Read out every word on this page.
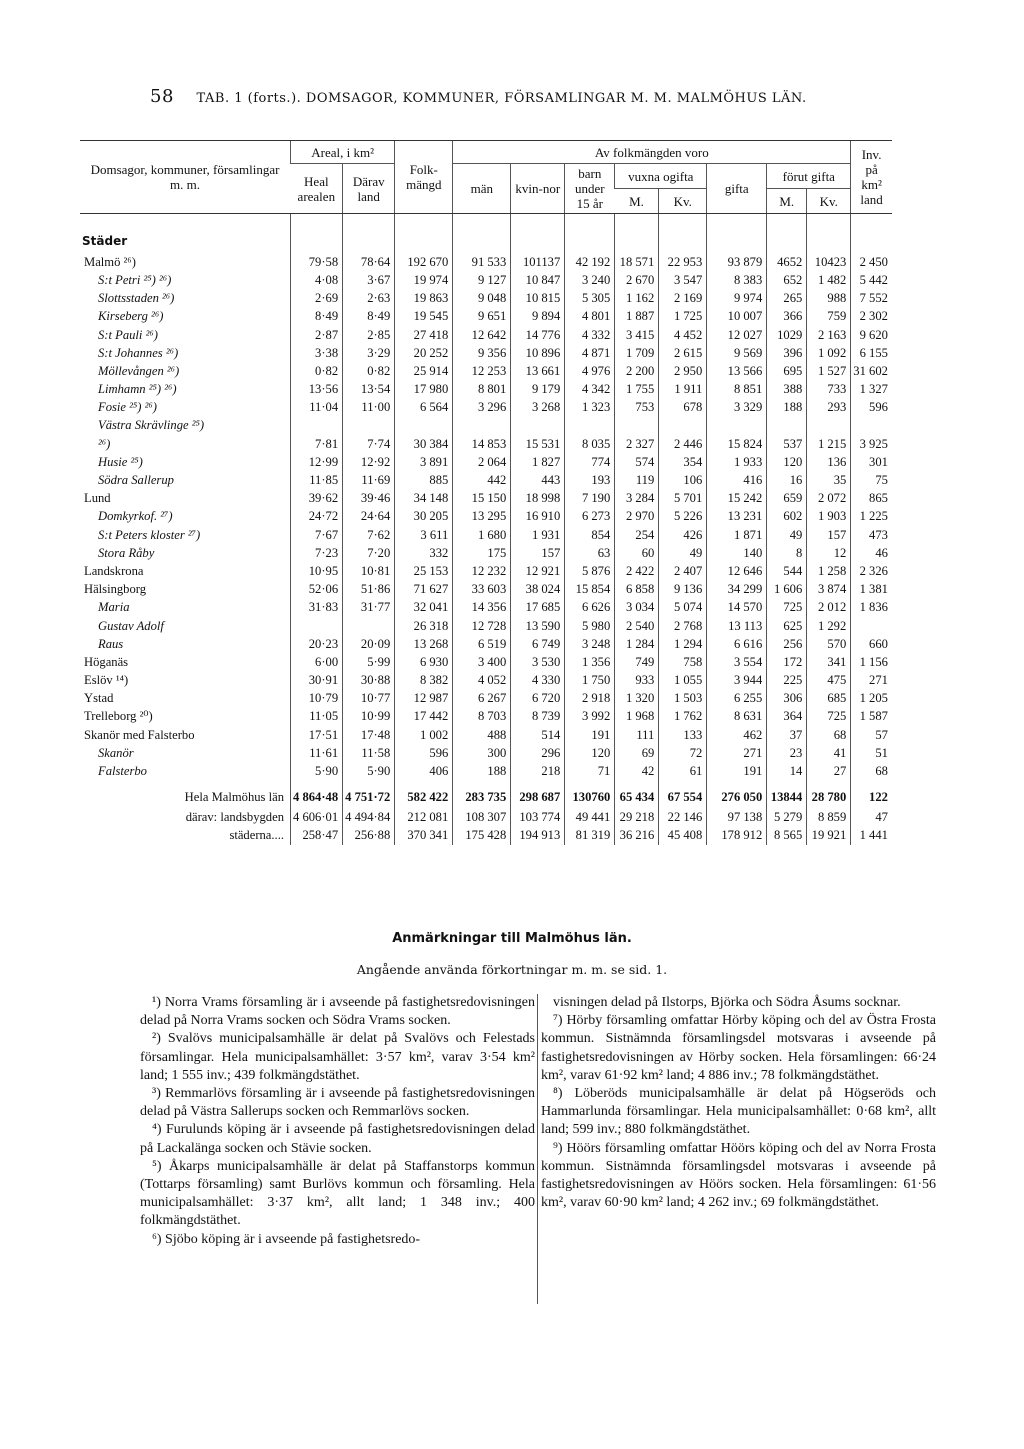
58 TAB. 1 (forts.). DOMSAGOR, KOMMUNER, FÖRSAMLINGAR M. M. MALMÖHUS LÄN.
Domsagor, kommuner, församlingar m. m.	Areal, i km²		Folk-mängd	Av folkmängden voro								Inv. på km² land
	Heal arealen	Därav land		män	kvin-nor	barn under 15 år	vuxna ogifta		gifta	förut gifta		
							M.	Kv.		M.	Kv.	
Städer												
Malmö ²⁶)	79·58	78·64	192 670	91 533	101137	42 192	18 571	22 953	93 879	4652	10423	2 450
S:t Petri ²⁵) ²⁶)	4·08	3·67	19 974	9 127	10 847	3 240	2 670	3 547	8 383	652	1 482	5 442
Slottsstaden ²⁶)	2·69	2·63	19 863	9 048	10 815	5 305	1 162	2 169	9 974	265	988	7 552
Kirseberg ²⁶)	8·49	8·49	19 545	9 651	9 894	4 801	1 887	1 725	10 007	366	759	2 302
S:t Pauli ²⁶)	2·87	2·85	27 418	12 642	14 776	4 332	3 415	4 452	12 027	1029	2 163	9 620
S:t Johannes ²⁶)	3·38	3·29	20 252	9 356	10 896	4 871	1 709	2 615	9 569	396	1 092	6 155
Möllevången ²⁶)	0·82	0·82	25 914	12 253	13 661	4 976	2 200	2 950	13 566	695	1 527	31 602
Limhamn ²⁵) ²⁶)	13·56	13·54	17 980	8 801	9 179	4 342	1 755	1 911	8 851	388	733	1 327
Fosie ²⁵) ²⁶)	11·04	11·00	6 564	3 296	3 268	1 323	753	678	3 329	188	293	596
Västra Skrävlinge ²⁵)												
²⁶)	7·81	7·74	30 384	14 853	15 531	8 035	2 327	2 446	15 824	537	1 215	3 925
Husie ²⁵)	12·99	12·92	3 891	2 064	1 827	774	574	354	1 933	120	136	301
Södra Sallerup	11·85	11·69	885	442	443	193	119	106	416	16	35	75
Lund	39·62	39·46	34 148	15 150	18 998	7 190	3 284	5 701	15 242	659	2 072	865
Domkyrkof. ²⁷)	24·72	24·64	30 205	13 295	16 910	6 273	2 970	5 226	13 231	602	1 903	1 225
S:t Peters kloster ²⁷)	7·67	7·62	3 611	1 680	1 931	854	254	426	1 871	49	157	473
Stora Råby	7·23	7·20	332	175	157	63	60	49	140	8	12	46
Landskrona	10·95	10·81	25 153	12 232	12 921	5 876	2 422	2 407	12 646	544	1 258	2 326
Hälsingborg	52·06	51·86	71 627	33 603	38 024	15 854	6 858	9 136	34 299	1 606	3 874	1 381
Maria	31·83	31·77	32 041	14 356	17 685	6 626	3 034	5 074	14 570	725	2 012	1 836
Gustav Adolf			26 318	12 728	13 590	5 980	2 540	2 768	13 113	625	1 292	
Raus	20·23	20·09	13 268	6 519	6 749	3 248	1 284	1 294	6 616	256	570	660
Höganäs	6·00	5·99	6 930	3 400	3 530	1 356	749	758	3 554	172	341	1 156
Eslöv ¹⁴)	30·91	30·88	8 382	4 052	4 330	1 750	933	1 055	3 944	225	475	271
Ystad	10·79	10·77	12 987	6 267	6 720	2 918	1 320	1 503	6 255	306	685	1 205
Trelleborg ²⁰)	11·05	10·99	17 442	8 703	8 739	3 992	1 968	1 762	8 631	364	725	1 587
Skanör med Falsterbo	17·51	17·48	1 002	488	514	191	111	133	462	37	68	57
Skanör	11·61	11·58	596	300	296	120	69	72	271	23	41	51
Falsterbo	5·90	5·90	406	188	218	71	42	61	191	14	27	68
Hela Malmöhus län	4 864·48	4 751·72	582 422	283 735	298 687	130760	65 434	67 554	276 050	13844	28 780	122
därav: landsbygden	4 606·01	4 494·84	212 081	108 307	103 774	49 441	29 218	22 146	97 138	5 279	8 859	47
städerna....	258·47	256·88	370 341	175 428	194 913	81 319	36 216	45 408	178 912	8 565	19 921	1 441
Anmärkningar till Malmöhus län.
Angående använda förkortningar m. m. se sid. 1.

¹) Norra Vrams församling är i avseende på fastighetsredovisningen delad på Norra Vrams socken och Södra Vrams socken.

²) Svalövs municipalsamhälle är delat på Svalövs och Felestads församlingar. Hela municipalsamhället: 3·57 km², varav 3·54 km² land; 1 555 inv.; 439 folkmängdstäthet.

³) Remmarlövs församling är i avseende på fastighetsredovisningen delad på Västra Sallerups socken och Remmarlövs socken.

⁴) Furulunds köping är i avseende på fastighetsredovisningen delad på Lackalänga socken och Stävie socken.

⁵) Åkarps municipalsamhälle är delat på Staffanstorps kommun (Tottarps församling) samt Burlövs kommun och församling. Hela municipalsamhället: 3·37 km², allt land; 1 348 inv.; 400 folkmängdstäthet.

⁶) Sjöbo köping är i avseende på fastighetsredo-

visningen delad på Ilstorps, Björka och Södra Åsums socknar.

⁷) Hörby församling omfattar Hörby köping och del av Östra Frosta kommun. Sistnämnda församlingsdel motsvaras i avseende på fastighetsredovisningen av Hörby socken. Hela församlingen: 66·24 km², varav 61·92 km² land; 4 886 inv.; 78 folkmängdstäthet.

⁸) Löberöds municipalsamhälle är delat på Högseröds och Hammarlunda församlingar. Hela municipalsamhället: 0·68 km², allt land; 599 inv.; 880 folkmängdstäthet.

⁹) Höörs församling omfattar Höörs köping och del av Norra Frosta kommun. Sistnämnda församlingsdel motsvaras i avseende på fastighetsredovisningen av Höörs socken. Hela församlingen: 61·56 km², varav 60·90 km² land; 4 262 inv.; 69 folkmängdstäthet.
